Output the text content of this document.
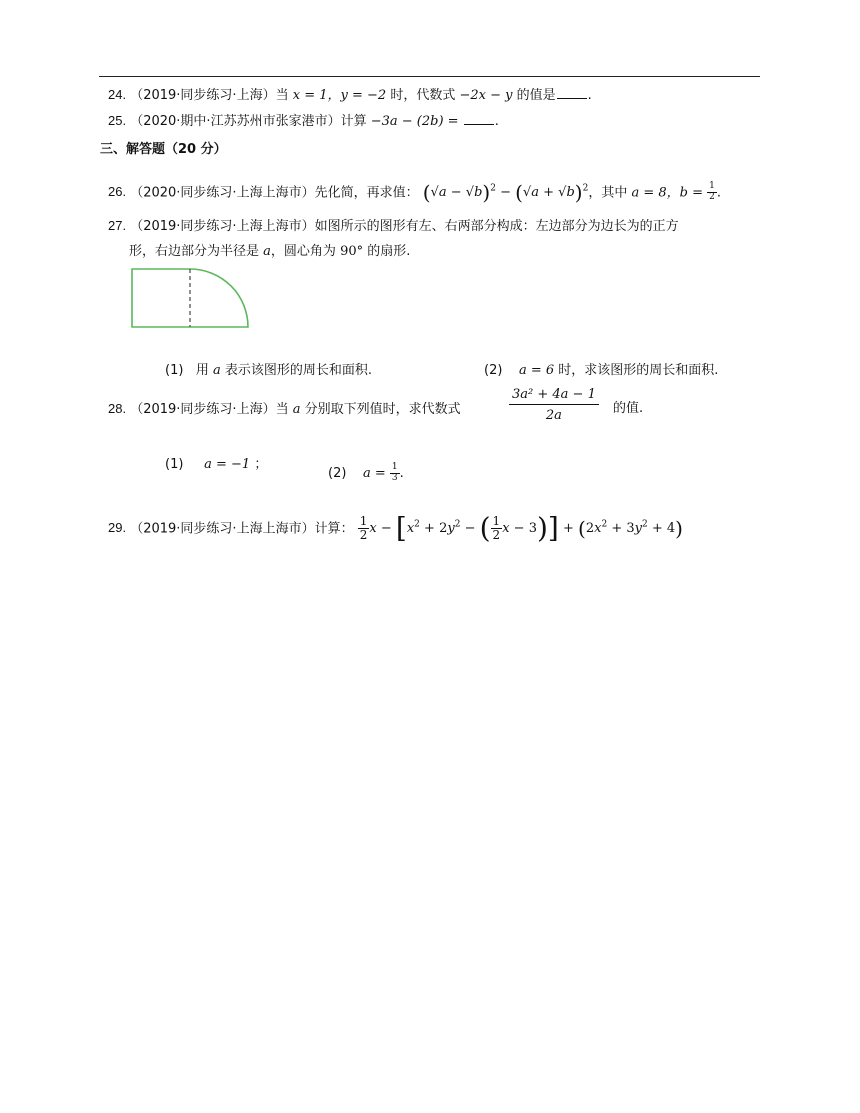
24. （2019·同步练习·上海）当 x = 1，y = −2 时，代数式 −2x − y 的值是 .
25. （2020·期中·江苏苏州市张家港市）计算 −3a − (2b) =	.
三、解答题（20 分）
26. （2020·同步练习·上海上海市）先化简，再求值： $(√a - √b)^2 - (√a + √b)^2$，其中 a = 8，$b = \frac{1}{2}$ .
27. （2019·同步练习·上海上海市）如图所示的图形有左、右两部分构成：左边部分为边长为的正方
形，右边部分为半径是 a，圆心角为 90° 的扇形.
(1) 用 a 表示该图形的周长和面积.	(2) a = 6 时，求该图形的周长和面积.
28. （2019·同步练习·上海）当 a 分别取下列值时，求代数式	$\frac{\text{3a² + 4a − 1}}{2a}$ 的值.
(1) a = −1 ；
(2) $a = \frac{1}{3}$ .
29. （2019·同步练习·上海上海市）计算： $\frac{1}{2}$ $x - [x^2 + 2y^2$ − ( $\frac{1}{2}$ $x - 3)] + (2x^2 + 3y^2 + 4)$
